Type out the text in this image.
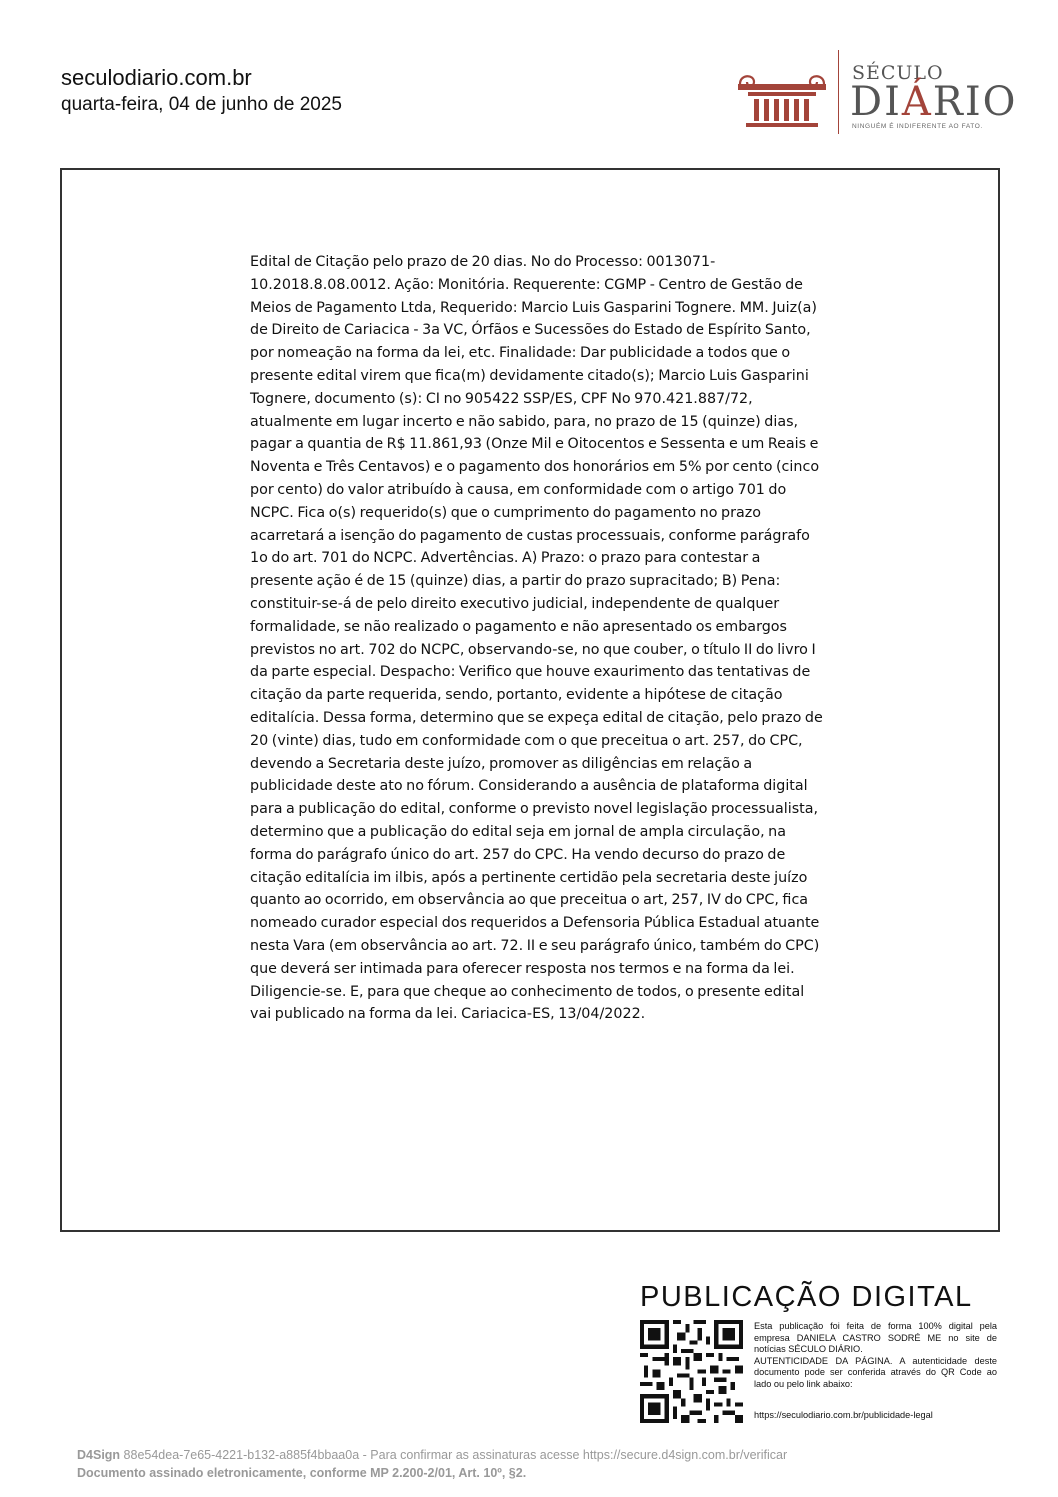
seculodiario.com.br
quarta-feira, 04 de junho de 2025
SÉCULO
DIÁRIO
NINGUÉM É INDIFERENTE AO FATO.

Edital de Citação pelo prazo de 20 dias. No do Processo: 0013071-10.2018.8.08.0012. Ação: Monitória. Requerente: CGMP - Centro de Gestão de Meios de Pagamento Ltda, Requerido: Marcio Luis Gasparini Tognere. MM. Juiz(a) de Direito de Cariacica - 3a VC, Órfãos e Sucessões do Estado de Espírito Santo, por nomeação na forma da lei, etc. Finalidade: Dar publicidade a todos que o presente edital virem que fica(m) devidamente citado(s); Marcio Luis Gasparini Tognere, documento (s): CI no 905422 SSP/ES, CPF No 970.421.887/72, atualmente em lugar incerto e não sabido, para, no prazo de 15 (quinze) dias, pagar a quantia de R$ 11.861,93 (Onze Mil e Oitocentos e Sessenta e um Reais e Noventa e Três Centavos) e o pagamento dos honorários em 5% por cento (cinco por cento) do valor atribuído à causa, em conformidade com o artigo 701 do NCPC. Fica o(s) requerido(s) que o cumprimento do pagamento no prazo acarretará a isenção do pagamento de custas processuais, conforme parágrafo 1o do art. 701 do NCPC. Advertências. A) Prazo: o prazo para contestar a presente ação é de 15 (quinze) dias, a partir do prazo supracitado; B) Pena: constituir-se-á de pelo direito executivo judicial, independente de qualquer formalidade, se não realizado o pagamento e não apresentado os embargos previstos no art. 702 do NCPC, observando-se, no que couber, o título II do livro I da parte especial. Despacho: Verifico que houve exaurimento das tentativas de citação da parte requerida, sendo, portanto, evidente a hipótese de citação editalícia. Dessa forma, determino que se expeça edital de citação, pelo prazo de 20 (vinte) dias, tudo em conformidade com o que preceitua o art. 257, do CPC, devendo a Secretaria deste juízo, promover as diligências em relação a publicidade deste ato no fórum. Considerando a ausência de plataforma digital para a publicação do edital, conforme o previsto novel legislação processualista, determino que a publicação do edital seja em jornal de ampla circulação, na forma do parágrafo único do art. 257 do CPC. Ha vendo decurso do prazo de citação editalícia im ilbis, após a pertinente certidão pela secretaria deste juízo quanto ao ocorrido, em observância ao que preceitua o art, 257, IV do CPC, fica nomeado curador especial dos requeridos a Defensoria Pública Estadual atuante nesta Vara (em observância ao art. 72. II e seu parágrafo único, também do CPC) que deverá ser intimada para oferecer resposta nos termos e na forma da lei. Diligencie-se. E, para que cheque ao conhecimento de todos, o presente edital vai publicado na forma da lei. Cariacica-ES, 13/04/2022.

PUBLICAÇÃO DIGITAL

Esta publicação foi feita de forma 100% digital pela empresa DANIELA CASTRO SODRÉ ME no site de notícias SÉCULO DIÁRIO.

AUTENTICIDADE DA PÁGINA. A autenticidade deste documento pode ser conferida através do QR Code ao lado ou pelo link abaixo:

https://seculodiario.com.br/publicidade-legal
D4Sign 88e54dea-7e65-4221-b132-a885f4bbaa0a - Para confirmar as assinaturas acesse https://secure.d4sign.com.br/verificar
Documento assinado eletronicamente, conforme MP 2.200-2/01, Art. 10º, §2.
